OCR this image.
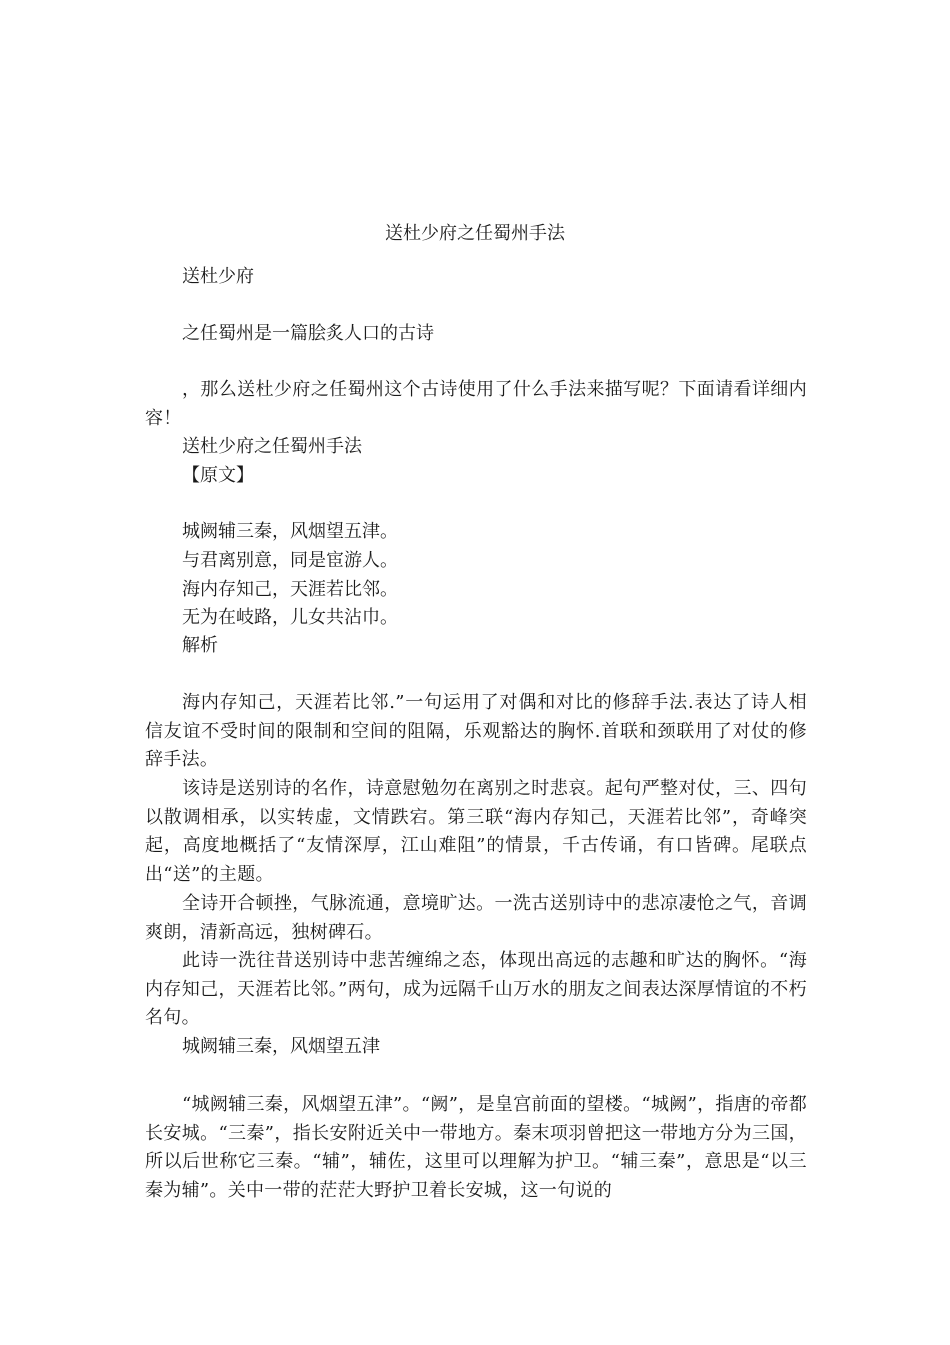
送杜少府之任蜀州手法
送杜少府
之任蜀州是一篇脍炙人口的古诗
，那么送杜少府之任蜀州这个古诗使用了什么手法来描写呢？下面请看详细内容！
送杜少府之任蜀州手法
【原文】
城阙辅三秦，风烟望五津。
与君离别意，同是宦游人。
海内存知己，天涯若比邻。
无为在岐路，儿女共沾巾。
解析
海内存知己，天涯若比邻.”一句运用了对偶和对比的修辞手法.表达了诗人相信友谊不受时间的限制和空间的阻隔，乐观豁达的胸怀.首联和颈联用了对仗的修辞手法。
该诗是送别诗的名作，诗意慰勉勿在离别之时悲哀。起句严整对仗，三、四句以散调相承，以实转虚，文情跌宕。第三联“海内存知己，天涯若比邻”，奇峰突起，高度地概括了“友情深厚，江山难阻”的情景，千古传诵，有口皆碑。尾联点出“送”的主题。
全诗开合顿挫，气脉流通，意境旷达。一洗古送别诗中的悲凉凄怆之气，音调爽朗，清新高远，独树碑石。
此诗一洗往昔送别诗中悲苦缠绵之态，体现出高远的志趣和旷达的胸怀。“海内存知己，天涯若比邻。”两句，成为远隔千山万水的朋友之间表达深厚情谊的不朽名句。
城阙辅三秦，风烟望五津
“城阙辅三秦，风烟望五津”。“阙”，是皇宫前面的望楼。“城阙”，指唐的帝都长安城。“三秦”，指长安附近关中一带地方。秦末项羽曾把这一带地方分为三国，所以后世称它三秦。“辅”，辅佐，这里可以理解为护卫。“辅三秦”，意思是“以三秦为辅”。关中一带的茫茫大野护卫着长安城，这一句说的
